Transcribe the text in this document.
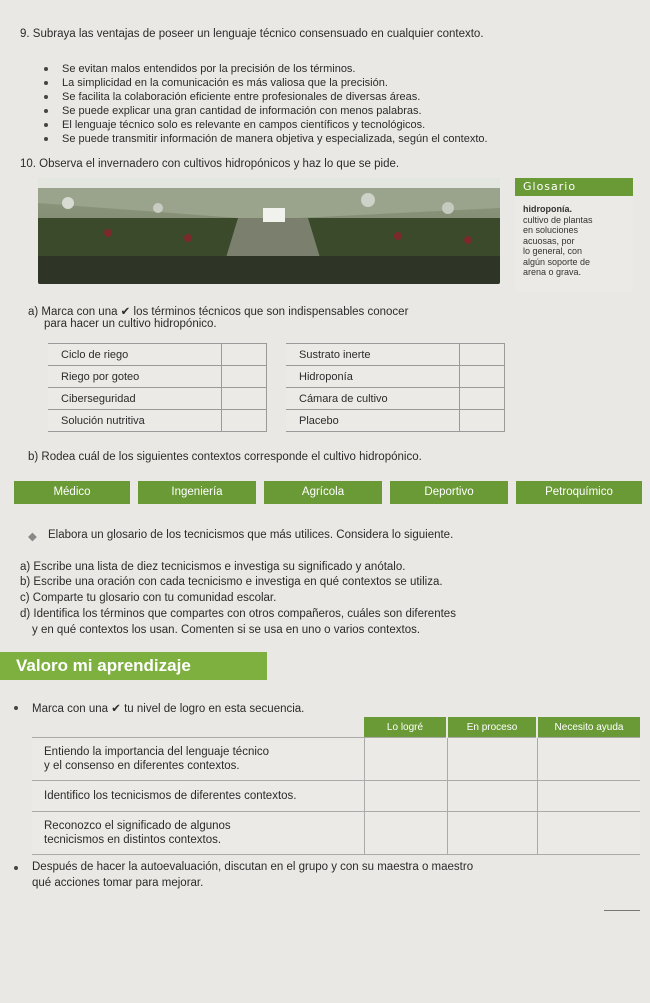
9. Subraya las ventajas de poseer un lenguaje técnico consensuado en cualquier contexto.
Se evitan malos entendidos por la precisión de los términos.
La simplicidad en la comunicación es más valiosa que la precisión.
Se facilita la colaboración eficiente entre profesionales de diversas áreas.
Se puede explicar una gran cantidad de información con menos palabras.
El lenguaje técnico solo es relevante en campos científicos y tecnológicos.
Se puede transmitir información de manera objetiva y especializada, según el contexto.
10. Observa el invernadero con cultivos hidropónicos y haz lo que se pide.
Glosario
hidroponía.
cultivo de plantas
en soluciones
acuosas, por
lo general, con
algún soporte de
arena o grava.
a) Marca con una ✔ los términos técnicos que son indispensables conocer
para hacer un cultivo hidropónico.
Ciclo de riego	
Riego por goteo	
Ciberseguridad	
Solución nutritiva	
Sustrato inerte	
Hidroponía	
Cámara de cultivo	
Placebo	
b) Rodea cuál de los siguientes contextos corresponde el cultivo hidropónico.
Médico	Ingeniería	Agrícola	Deportivo	Petroquímico
◆ Elabora un glosario de los tecnicismos que más utilices. Considera lo siguiente.
a) Escribe una lista de diez tecnicismos e investiga su significado y anótalo.
b) Escribe una oración con cada tecnicismo e investiga en qué contextos se utiliza.
c) Comparte tu glosario con tu comunidad escolar.
d) Identifica los términos que compartes con otros compañeros, cuáles son diferentes
y en qué contextos los usan. Comenten si se usa en uno o varios contextos.
Valoro mi aprendizaje
Marca con una ✔ tu nivel de logro en esta secuencia.
	Lo logré	En proceso	Necesito ayuda
Entiendo la importancia del lenguaje técnico y el consenso en diferentes contextos.			
Identifico los tecnicismos de diferentes contextos.			
Reconozco el significado de algunos tecnicismos en distintos contextos.			
Después de hacer la autoevaluación, discutan en el grupo y con su maestra o maestro
qué acciones tomar para mejorar.
